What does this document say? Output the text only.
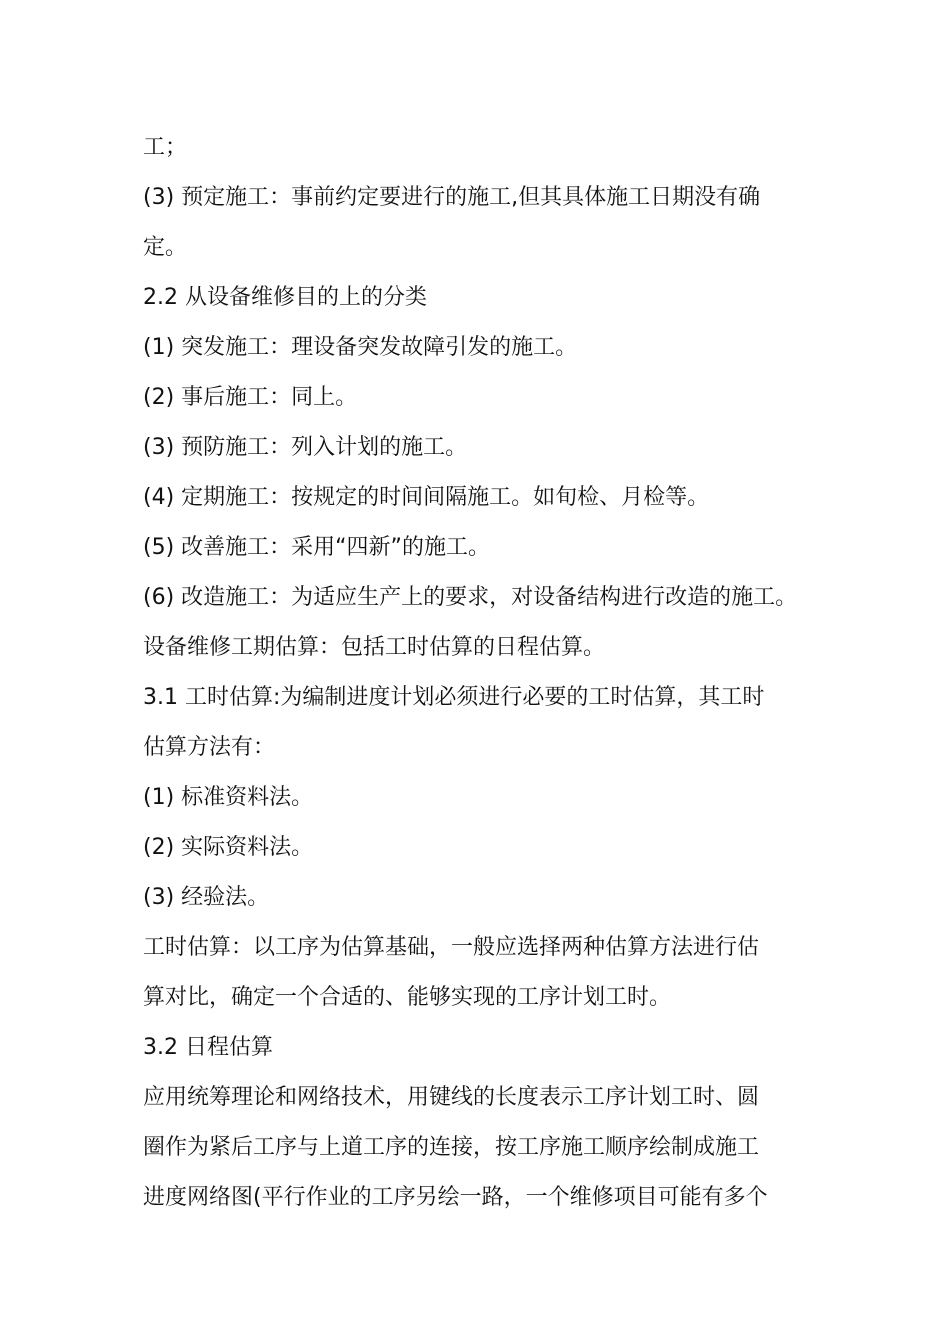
工；
(3) 预定施工：事前约定要进行的施工,但其具体施工日期没有确
定。
2.2 从设备维修目的上的分类
(1) 突发施工：理设备突发故障引发的施工。
(2) 事后施工：同上。
(3) 预防施工：列入计划的施工。
(4) 定期施工：按规定的时间间隔施工。如旬检、月检等。
(5) 改善施工：采用“四新”的施工。
(6) 改造施工：为适应生产上的要求，对设备结构进行改造的施工。
设备维修工期估算：包括工时估算的日程估算。
3.1 工时估算:为编制进度计划必须进行必要的工时估算，其工时
估算方法有：
(1) 标准资料法。
(2) 实际资料法。
(3) 经验法。
工时估算：以工序为估算基础，一般应选择两种估算方法进行估
算对比，确定一个合适的、能够实现的工序计划工时。
3.2 日程估算
应用统筹理论和网络技术，用键线的长度表示工序计划工时、圆
圈作为紧后工序与上道工序的连接，按工序施工顺序绘制成施工
进度网络图(平行作业的工序另绘一路，一个维修项目可能有多个
